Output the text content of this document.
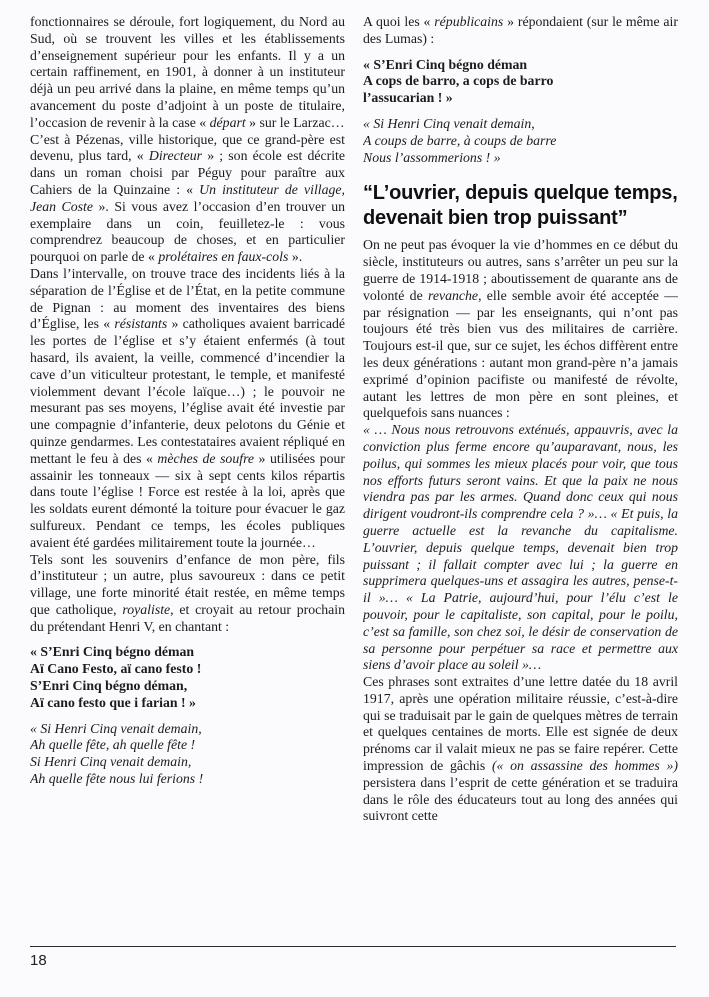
fonctionnaires se déroule, fort logiquement, du Nord au Sud, où se trouvent les villes et les établissements d’enseignement supérieur pour les enfants. Il y a un certain raffinement, en 1901, à donner à un instituteur déjà un peu arrivé dans la plaine, en même temps qu’un avancement du poste d’adjoint à un poste de titulaire, l’occasion de revenir à la case « départ » sur le Larzac…

C’est à Pézenas, ville historique, que ce grand-père est devenu, plus tard, « Directeur » ; son école est décrite dans un roman choisi par Péguy pour paraître aux Cahiers de la Quinzaine : « Un instituteur de village, Jean Coste ». Si vous avez l’occasion d’en trouver un exemplaire dans un coin, feuilletez-le : vous comprendrez beaucoup de choses, et en particulier pourquoi on parle de « prolétaires en faux-cols ».

Dans l’intervalle, on trouve trace des incidents liés à la séparation de l’Église et de l’État, en la petite commune de Pignan : au moment des inventaires des biens d’Église, les « résistants » catholiques avaient barricadé les portes de l’église et s’y étaient enfermés (à tout hasard, ils avaient, la veille, commencé d’incendier la cave d’un viticulteur protestant, le temple, et manifesté violemment devant l’école laïque…) ; le pouvoir ne mesurant pas ses moyens, l’église avait été investie par une compagnie d’infanterie, deux pelotons du Génie et quinze gendarmes. Les contestataires avaient répliqué en mettant le feu à des « mèches de soufre » utilisées pour assainir les tonneaux — six à sept cents kilos répartis dans toute l’église ! Force est restée à la loi, après que les soldats eurent démonté la toiture pour évacuer le gaz sulfureux. Pendant ce temps, les écoles publiques avaient été gardées militairement toute la journée…

Tels sont les souvenirs d’enfance de mon père, fils d’instituteur ; un autre, plus savoureux : dans ce petit village, une forte minorité était restée, en même temps que catholique, royaliste, et croyait au retour prochain du prétendant Henri V, en chantant :

« S’Enri Cinq bégno déman
Aï Cano Festo, aï cano festo !
S’Enri Cinq bégno déman,
Aï cano festo que i farian ! »
« Si Henri Cinq venait demain,
Ah quelle fête, ah quelle fête !
Si Henri Cinq venait demain,
Ah quelle fête nous lui ferions !

A quoi les « républicains » répondaient (sur le même air des Lumas) :

« S’Enri Cinq bégno déman
A cops de barro, a cops de barro
l’assucarian ! »
« Si Henri Cinq venait demain,
A coups de barre, à coups de barre
Nous l’assommerions ! »
“L’ouvrier, depuis quelque temps, devenait bien trop puissant”

On ne peut pas évoquer la vie d’hommes en ce début du siècle, instituteurs ou autres, sans s’arrêter un peu sur la guerre de 1914-1918 ; aboutissement de quarante ans de volonté de revanche, elle semble avoir été acceptée — par résignation — par les enseignants, qui n’ont pas toujours été très bien vus des militaires de carrière. Toujours est-il que, sur ce sujet, les échos diffèrent entre les deux générations : autant mon grand-père n’a jamais exprimé d’opinion pacifiste ou manifesté de révolte, autant les lettres de mon père en sont pleines, et quelquefois sans nuances :

« … Nous nous retrouvons exténués, appauvris, avec la conviction plus ferme encore qu’auparavant, nous, les poilus, qui sommes les mieux placés pour voir, que tous nos efforts futurs seront vains. Et que la paix ne nous viendra pas par les armes. Quand donc ceux qui nous dirigent voudront-ils comprendre cela ? »… « Et puis, la guerre actuelle est la revanche du capitalisme. L’ouvrier, depuis quelque temps, devenait bien trop puissant ; il fallait compter avec lui ; la guerre en supprimera quelques-uns et assagira les autres, pense-t-il »… « La Patrie, aujourd’hui, pour l’élu c’est le pouvoir, pour le capitaliste, son capital, pour le poilu, c’est sa famille, son chez soi, le désir de conservation de sa personne pour perpétuer sa race et permettre aux siens d’avoir place au soleil »…

Ces phrases sont extraites d’une lettre datée du 18 avril 1917, après une opération militaire réussie, c’est-à-dire qui se traduisait par le gain de quelques mètres de terrain et quelques centaines de morts. Elle est signée de deux prénoms car il valait mieux ne pas se faire repérer. Cette impression de gâchis (« on assassine des hommes ») persistera dans l’esprit de cette génération et se traduira dans le rôle des éducateurs tout au long des années qui suivront cette

18
